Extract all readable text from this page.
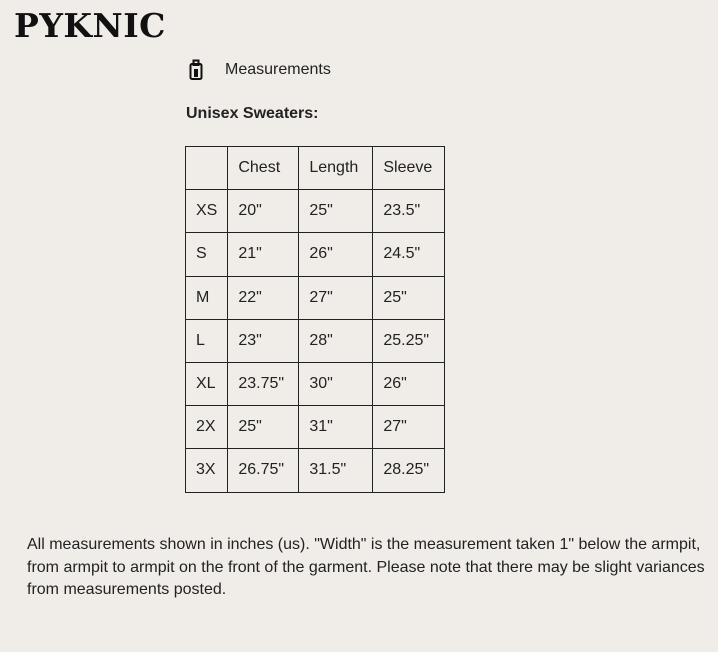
PYKNIC
Measurements
Unisex Sweaters:
	Chest	Length	Sleeve
XS	20"	25"	23.5"
S	21"	26"	24.5"
M	22"	27"	25"
L	23"	28"	25.25"
XL	23.75"	30"	26"
2X	25"	31"	27"
3X	26.75"	31.5"	28.25"
All measurements shown in inches (us). "Width" is the measurement taken 1" below the armpit, from armpit to armpit on the front of the garment. Please note that there may be slight variances from measurements posted.
